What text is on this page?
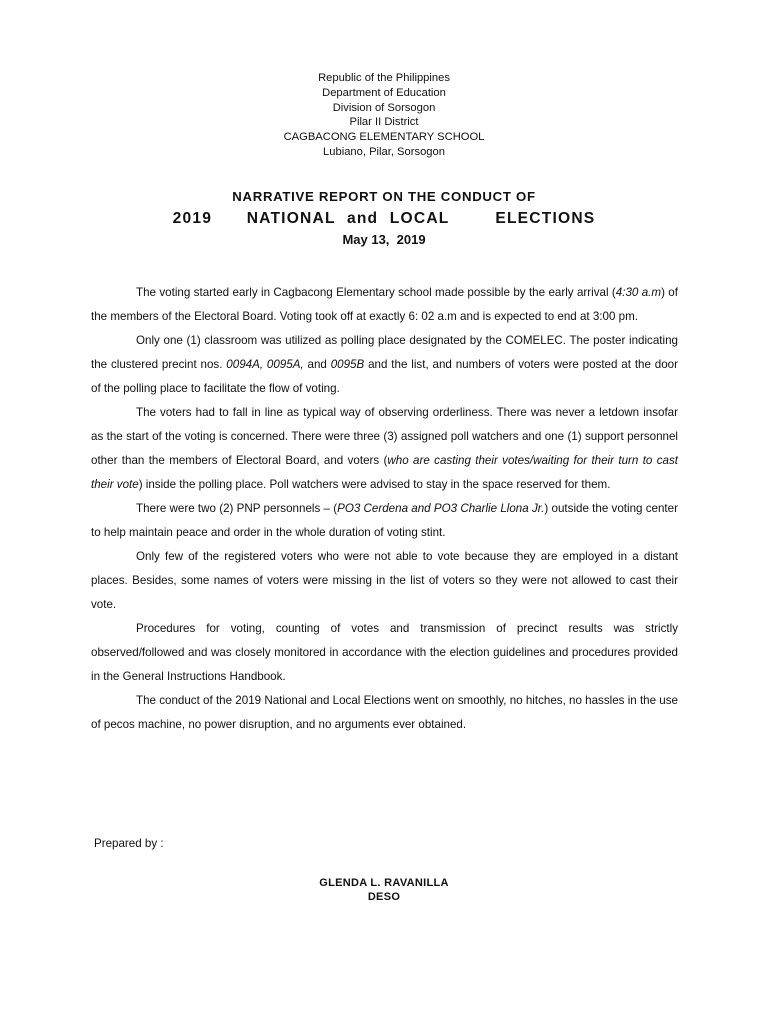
Republic of the Philippines
Department of Education
Division of Sorsogon
Pilar II District
CAGBACONG ELEMENTARY SCHOOL
Lubiano, Pilar, Sorsogon
NARRATIVE REPORT ON THE CONDUCT OF
2019   NATIONAL and LOCAL    ELECTIONS
May 13,  2019

The voting started early in Cagbacong Elementary school made possible by the early arrival (4:30 a.m) of the members of the Electoral Board. Voting took off at exactly 6: 02 a.m and is expected to end at 3:00 pm.

Only one (1) classroom was utilized as polling place designated by the COMELEC. The poster indicating the clustered precint nos. 0094A, 0095A, and 0095B and the list, and numbers of voters were posted at the door of the polling place to facilitate the flow of voting.

The voters had to fall in line as typical way of observing orderliness. There was never a letdown insofar as the start of the voting is concerned. There were three (3) assigned poll watchers and one (1) support personnel other than the members of Electoral Board, and voters (who are casting their votes/waiting for their turn to cast their vote) inside the polling place. Poll watchers were advised to stay in the space reserved for them.

There were two (2) PNP personnels – (PO3 Cerdena and PO3 Charlie Llona Jr.) outside the voting center to help maintain peace and order in the whole duration of voting stint.

Only few of the registered voters who were not able to vote because they are employed in a distant places. Besides, some names of voters were missing in the list of voters so they were not allowed to cast their vote.

Procedures for voting, counting of votes and transmission of precinct results was strictly observed/followed and was closely monitored in accordance with the election guidelines and procedures provided in the General Instructions Handbook.

The conduct of the 2019 National and Local Elections went on smoothly, no hitches, no hassles in the use of pecos machine, no power disruption, and no arguments ever obtained.

Prepared by :
GLENDA L. RAVANILLA
DESO
